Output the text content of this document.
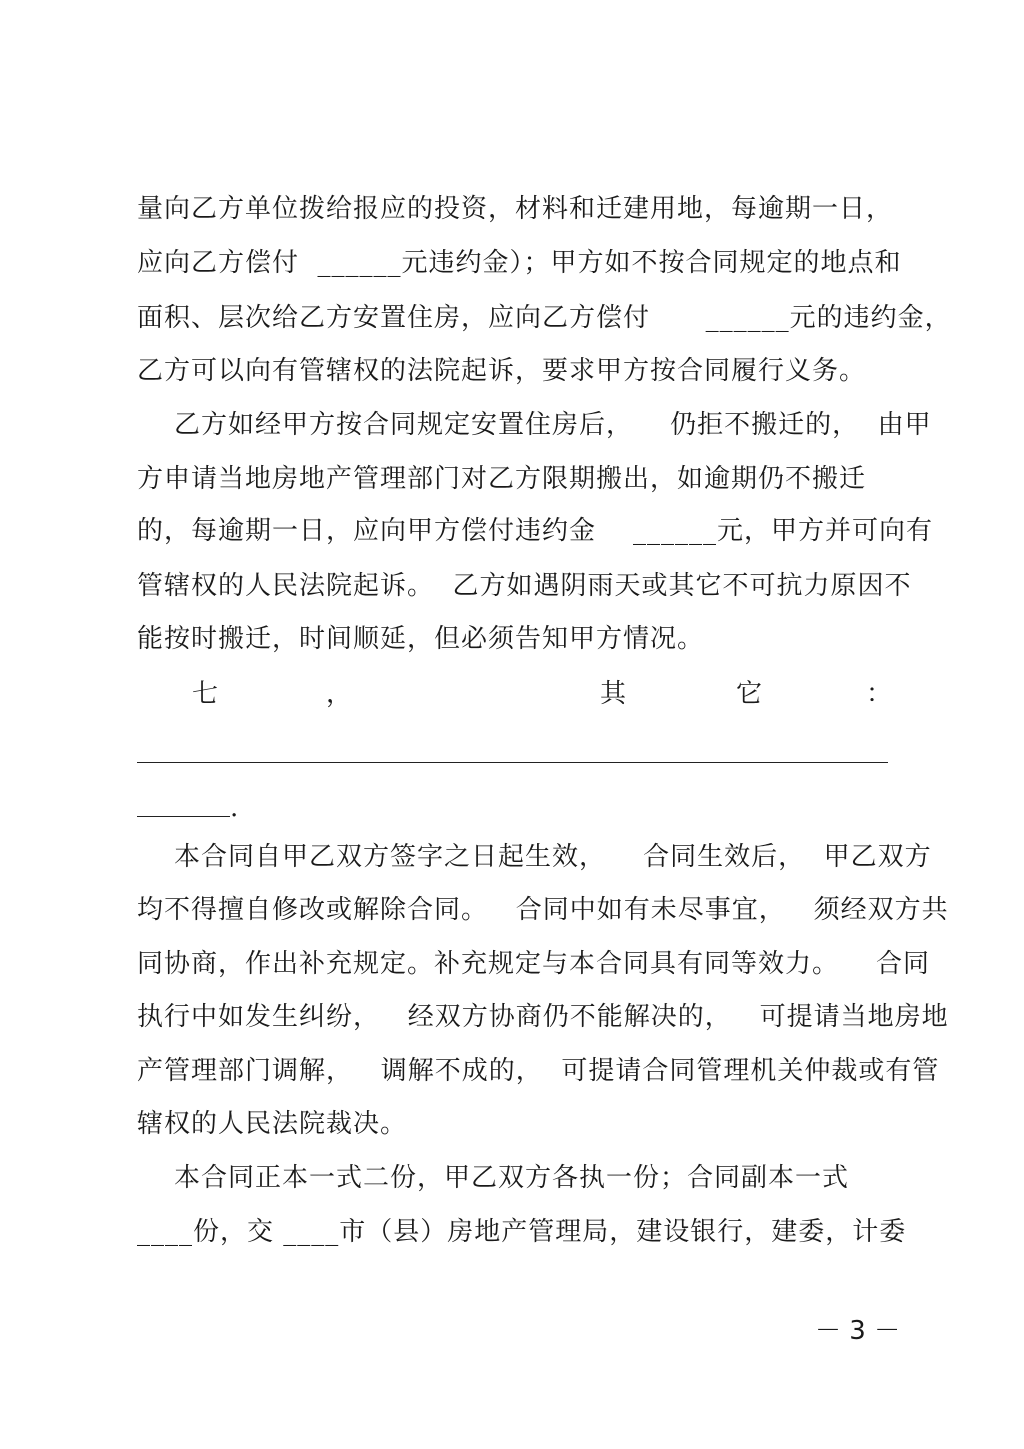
量向乙方单位拨给报应的投资，材料和迁建用地，每逾期一日，
应向乙方偿付  ______元违约金）；甲方如不按合同规定的地点和
面积、层次给乙方安置住房，应向乙方偿付      ______元的违约金，
乙方可以向有管辖权的法院起诉，要求甲方按合同履行义务。
乙方如经甲方按合同规定安置住房后，    仍拒不搬迁的，  由甲
方申请当地房地产管理部门对乙方限期搬出，如逾期仍不搬迁
的，每逾期一日，应向甲方偿付违约金    ______元，甲方并可向有
管辖权的人民法院起诉。  乙方如遇阴雨天或其它不可抗力原因不
能按时搬迁，时间顺延，但必须告知甲方情况。
七	，	其	它	：
.
本合同自甲乙双方签字之日起生效，    合同生效后，  甲乙双方
均不得擅自修改或解除合同。   合同中如有未尽事宜，   须经双方共
同协商，作出补充规定。补充规定与本合同具有同等效力。    合同
执行中如发生纠纷，   经双方协商仍不能解决的，   可提请当地房地
产管理部门调解，   调解不成的，  可提请合同管理机关仲裁或有管
辖权的人民法院裁决。
本合同正本一式二份，甲乙双方各执一份；合同副本一式
____份，交 ____市（县）房地产管理局，建设银行，建委，计委
－ 3 －
